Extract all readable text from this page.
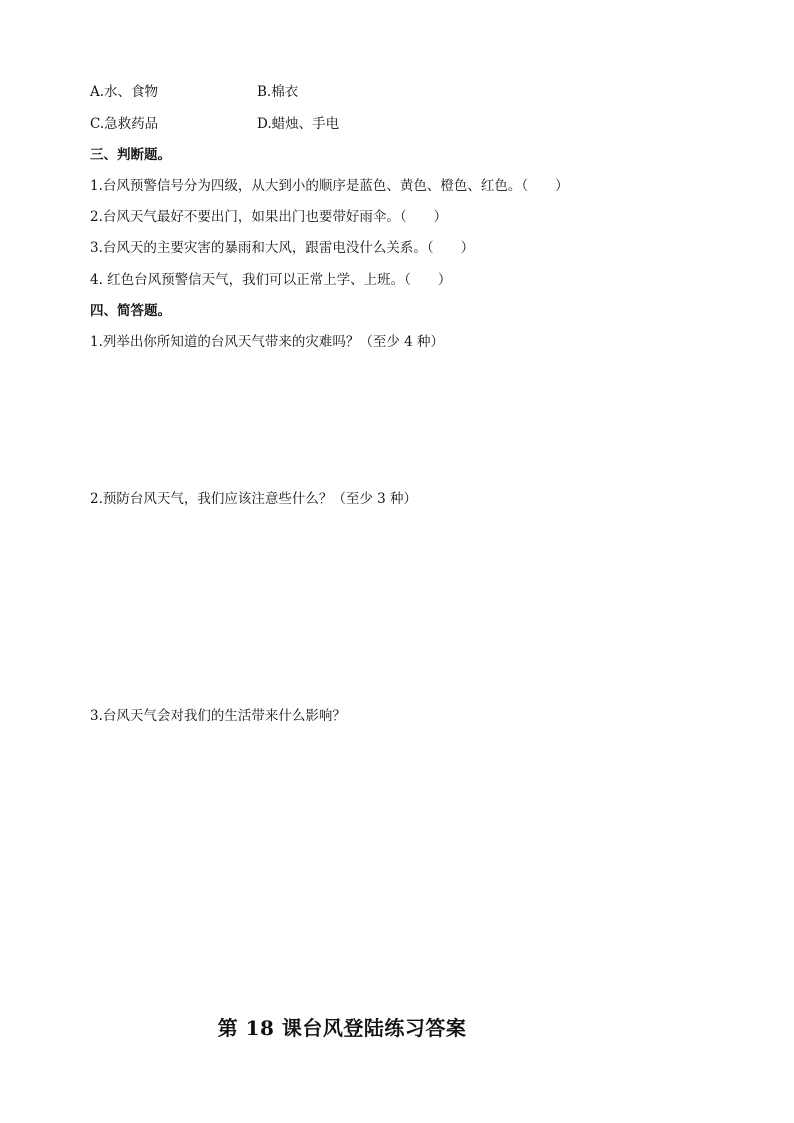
A.水、食物	B.棉衣
C.急救药品	D.蜡烛、手电
三、判断题。
1.台风预警信号分为四级，从大到小的顺序是蓝色、黄色、橙色、红色。（　　）
2.台风天气最好不要出门，如果出门也要带好雨伞。（　　）
3.台风天的主要灾害的暴雨和大风，跟雷电没什么关系。（　　）
4. 红色台风预警信天气，我们可以正常上学、上班。（　　）
四、简答题。
1.列举出你所知道的台风天气带来的灾难吗？（至少 4 种）
2.预防台风天气，我们应该注意些什么？（至少 3 种）
3.台风天气会对我们的生活带来什么影响？
第 18 课台风登陆练习答案
